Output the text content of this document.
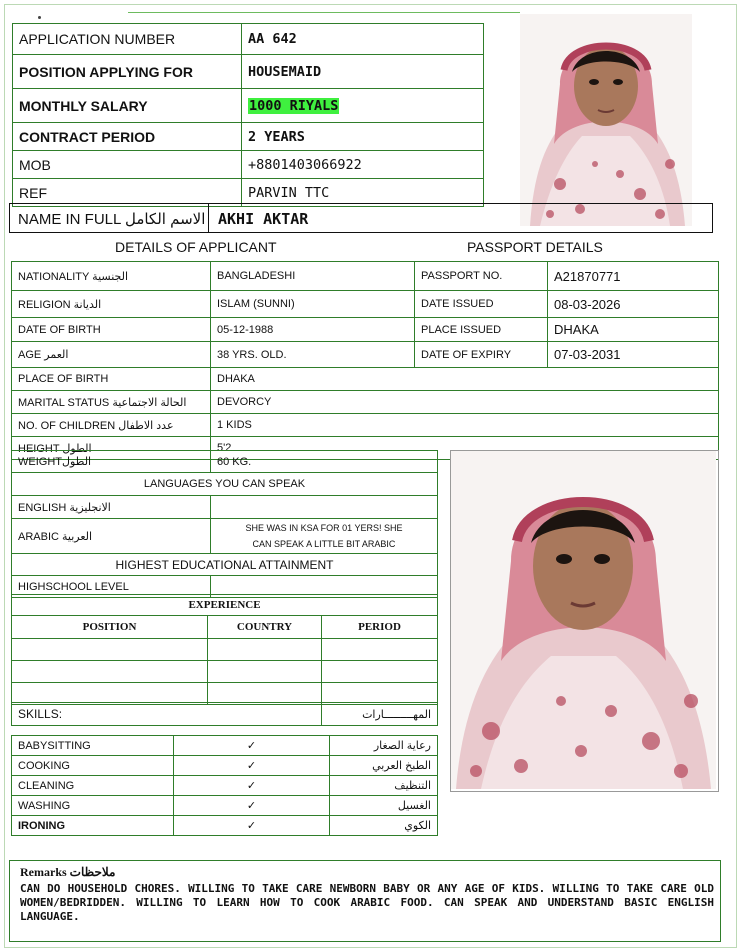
APPLICATION NUMBER	AA 642
POSITION APPLYING FOR	HOUSEMAID
MONTHLY SALARY	1000 RIYALS
CONTRACT PERIOD	2 YEARS
MOB	+8801403066922
REF	PARVIN TTC
NAME IN FULL الاسم الكامل AKHI AKTAR
DETAILS OF APPLICANT	PASSPORT DETAILS
NATIONALITY الجنسية	BANGLADESHI	PASSPORT NO.	A21870771
RELIGION الديانة	ISLAM (SUNNI)	DATE ISSUED	08-03-2026
DATE OF BIRTH	05-12-1988	PLACE ISSUED	DHAKA
AGE العمر	38 YRS. OLD.	DATE OF EXPIRY	07-03-2031
PLACE OF BIRTH	DHAKA		
MARITAL STATUS الحالة الاجتماعية	DEVORCY		
NO. OF CHILDREN عدد الاطفال	1 KIDS		
HEIGHT الطول	5'2		
WEIGHTالطول	60 KG.
LANGUAGES YOU CAN SPEAK	
ENGLISH الانجليزية	
ARABIC العربية	SHE WAS IN KSA FOR 01 YERS! SHE
CAN SPEAK A LITTLE BIT ARABIC

HIGHEST EDUCATIONAL ATTAINMENT	
HIGHSCHOOL LEVEL	
EXPERIENCE		
POSITION	COUNTRY	PERIOD

SKILLS:	المهـــــــــارات
BABYSITTING	✓	رعاية الصغار
COOKING	✓	الطبخ العربي
CLEANING	✓	التنظيف
WASHING	✓	الغسيل
IRONING	✓	الكوي
Remarks ملاحظات
CAN DO HOUSEHOLD CHORES. WILLING TO TAKE CARE NEWBORN BABY OR ANY AGE OF KIDS. WILLING TO TAKE CARE OLD WOMEN/BEDRIDDEN. WILLING TO LEARN HOW TO COOK ARABIC FOOD. CAN SPEAK AND UNDERSTAND BASIC ENGLISH LANGUAGE.
